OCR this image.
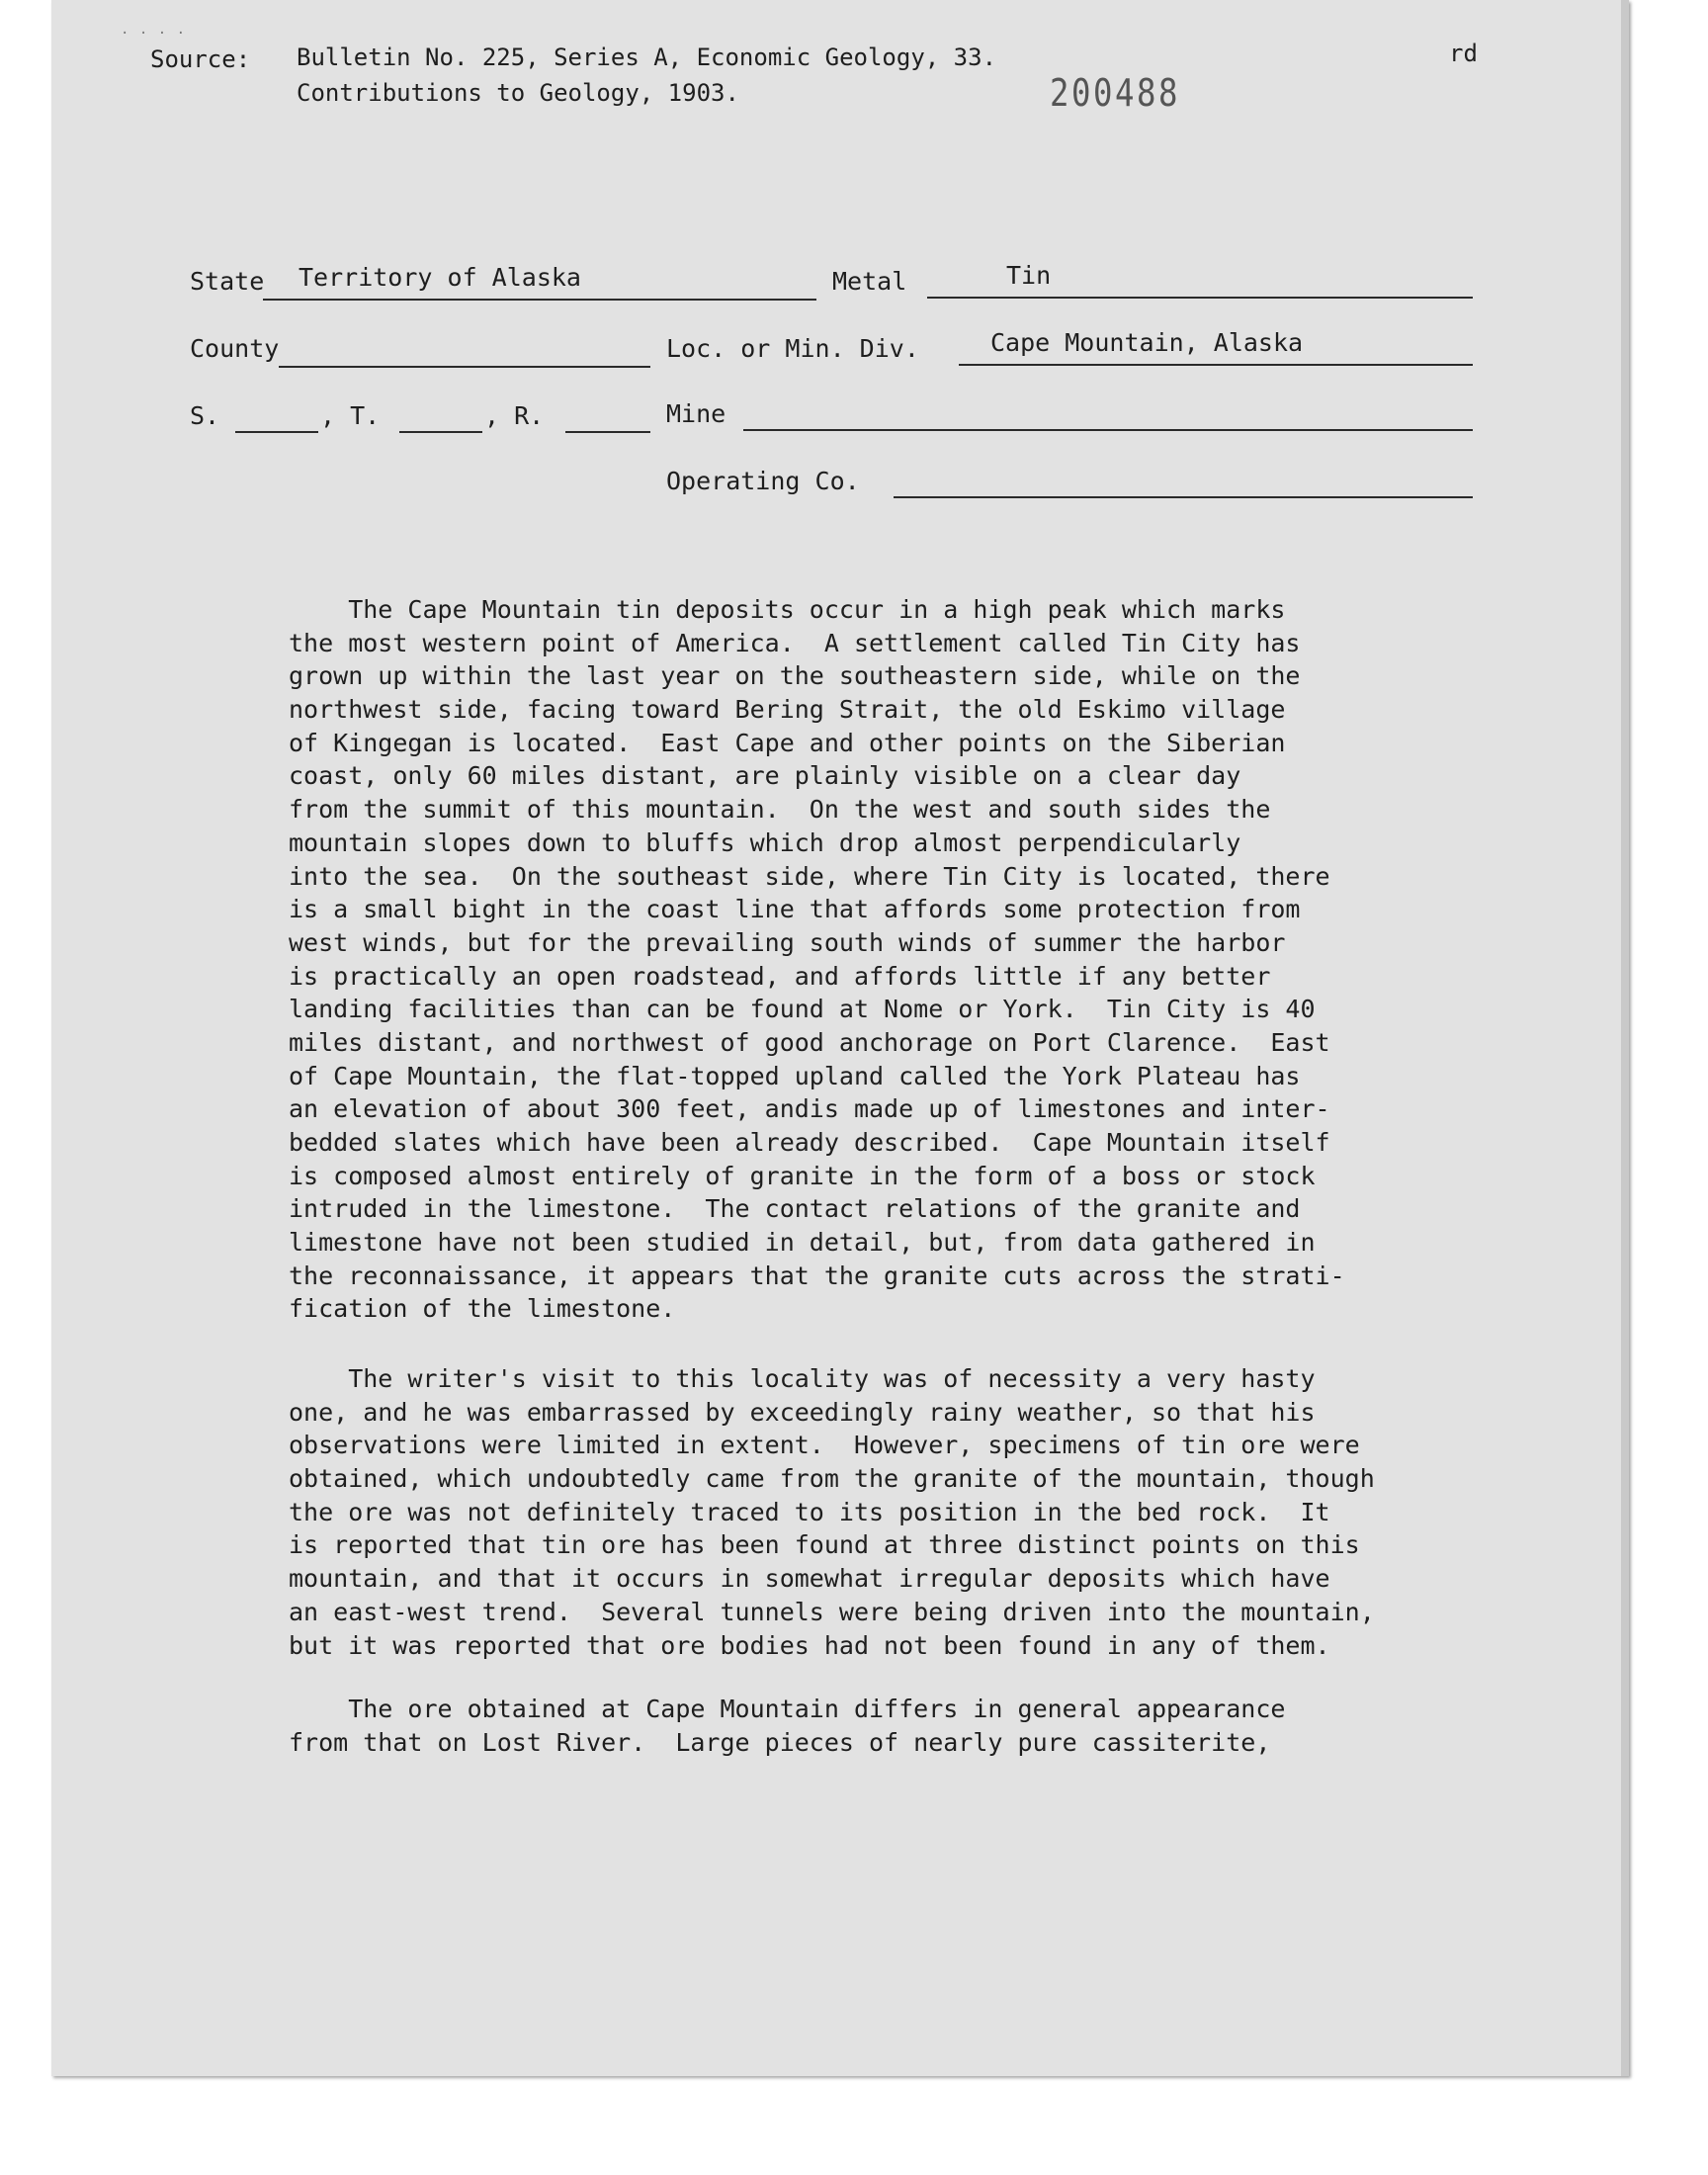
. . . .
Source: Bulletin No. 225, Series A, Economic Geology, 33.
Contributions to Geology, 1903.
rd
200488
State Territory of Alaska	Metal	Tin
County	Loc. or Min. Div.	Cape Mountain, Alaska
S.	, T.	, R.	Mine
Operating Co.
The Cape Mountain tin deposits occur in a high peak which marks
the most western point of America.  A settlement called Tin City has
grown up within the last year on the southeastern side, while on the
northwest side, facing toward Bering Strait, the old Eskimo village
of Kingegan is located.  East Cape and other points on the Siberian
coast, only 60 miles distant, are plainly visible on a clear day
from the summit of this mountain.  On the west and south sides the
mountain slopes down to bluffs which drop almost perpendicularly
into the sea.  On the southeast side, where Tin City is located, there
is a small bight in the coast line that affords some protection from
west winds, but for the prevailing south winds of summer the harbor
is practically an open roadstead, and affords little if any better
landing facilities than can be found at Nome or York.  Tin City is 40
miles distant, and northwest of good anchorage on Port Clarence.  East
of Cape Mountain, the flat-topped upland called the York Plateau has
an elevation of about 300 feet, andis made up of limestones and inter-
bedded slates which have been already described.  Cape Mountain itself
is composed almost entirely of granite in the form of a boss or stock
intruded in the limestone.  The contact relations of the granite and
limestone have not been studied in detail, but, from data gathered in
the reconnaissance, it appears that the granite cuts across the strati-
fication of the limestone.
The writer's visit to this locality was of necessity a very hasty
one, and he was embarrassed by exceedingly rainy weather, so that his
observations were limited in extent.  However, specimens of tin ore were
obtained, which undoubtedly came from the granite of the mountain, though
the ore was not definitely traced to its position in the bed rock.  It
is reported that tin ore has been found at three distinct points on this
mountain, and that it occurs in somewhat irregular deposits which have
an east-west trend.  Several tunnels were being driven into the mountain,
but it was reported that ore bodies had not been found in any of them.
The ore obtained at Cape Mountain differs in general appearance
from that on Lost River.  Large pieces of nearly pure cassiterite,
